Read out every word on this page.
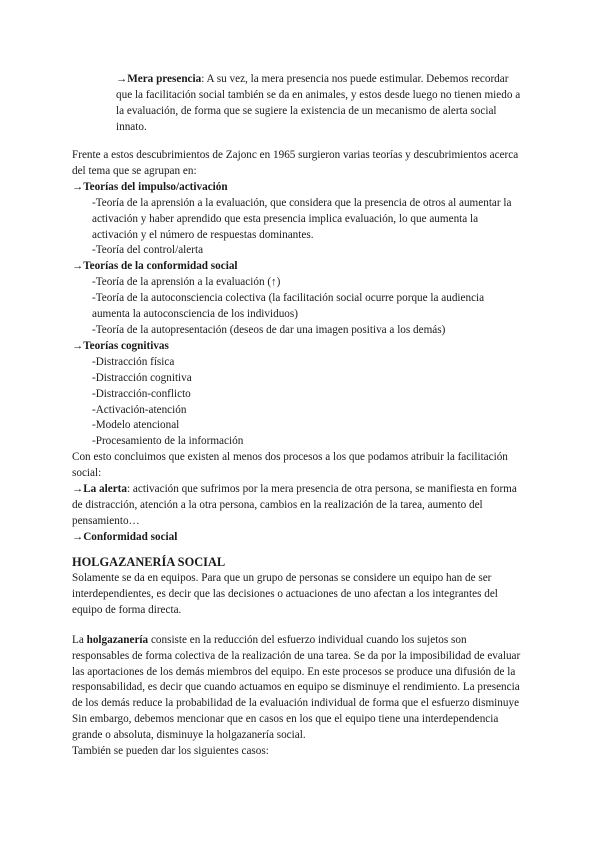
→Mera presencia: A su vez, la mera presencia nos puede estimular. Debemos recordar que la facilitación social también se da en animales, y estos desde luego no tienen miedo a la evaluación, de forma que se sugiere la existencia de un mecanismo de alerta social innato.

Frente a estos descubrimientos de Zajonc en 1965 surgieron varias teorías y descubrimientos acerca del tema que se agrupan en:

→Teorías del impulso/activación

-Teoría de la aprensión a la evaluación, que considera que la presencia de otros al aumentar la activación y haber aprendido que esta presencia implica evaluación, lo que aumenta la activación y el número de respuestas dominantes.

-Teoría del control/alerta

→Teorías de la conformidad social

-Teoría de la aprensión a la evaluación (↑)

-Teoría de la autoconsciencia colectiva (la facilitación social ocurre porque la audiencia aumenta la autoconsciencia de los individuos)

-Teoría de la autopresentación (deseos de dar una imagen positiva a los demás)

→Teorías cognitivas

-Distracción física

-Distracción cognitiva

-Distracción-conflicto

-Activación-atención

-Modelo atencional

-Procesamiento de la información

Con esto concluimos que existen al menos dos procesos a los que podamos atribuir la facilitación social:

→La alerta: activación que sufrimos por la mera presencia de otra persona, se manifiesta en forma de distracción, atención a la otra persona, cambios en la realización de la tarea, aumento del pensamiento…

→Conformidad social

HOLGAZANERÍA SOCIAL

Solamente se da en equipos. Para que un grupo de personas se considere un equipo han de ser interdependientes, es decir que las decisiones o actuaciones de uno afectan a los integrantes del equipo de forma directa.

La holgazanería consiste en la reducción del esfuerzo individual cuando los sujetos son responsables de forma colectiva de la realización de una tarea. Se da por la imposibilidad de evaluar las aportaciones de los demás miembros del equipo. En este procesos se produce una difusión de la responsabilidad, es decir que cuando actuamos en equipo se disminuye el rendimiento. La presencia de los demás reduce la probabilidad de la evaluación individual de forma que el esfuerzo disminuye

Sin embargo, debemos mencionar que en casos en los que el equipo tiene una interdependencia grande o absoluta, disminuye la holgazanería social.

También se pueden dar los siguientes casos:
